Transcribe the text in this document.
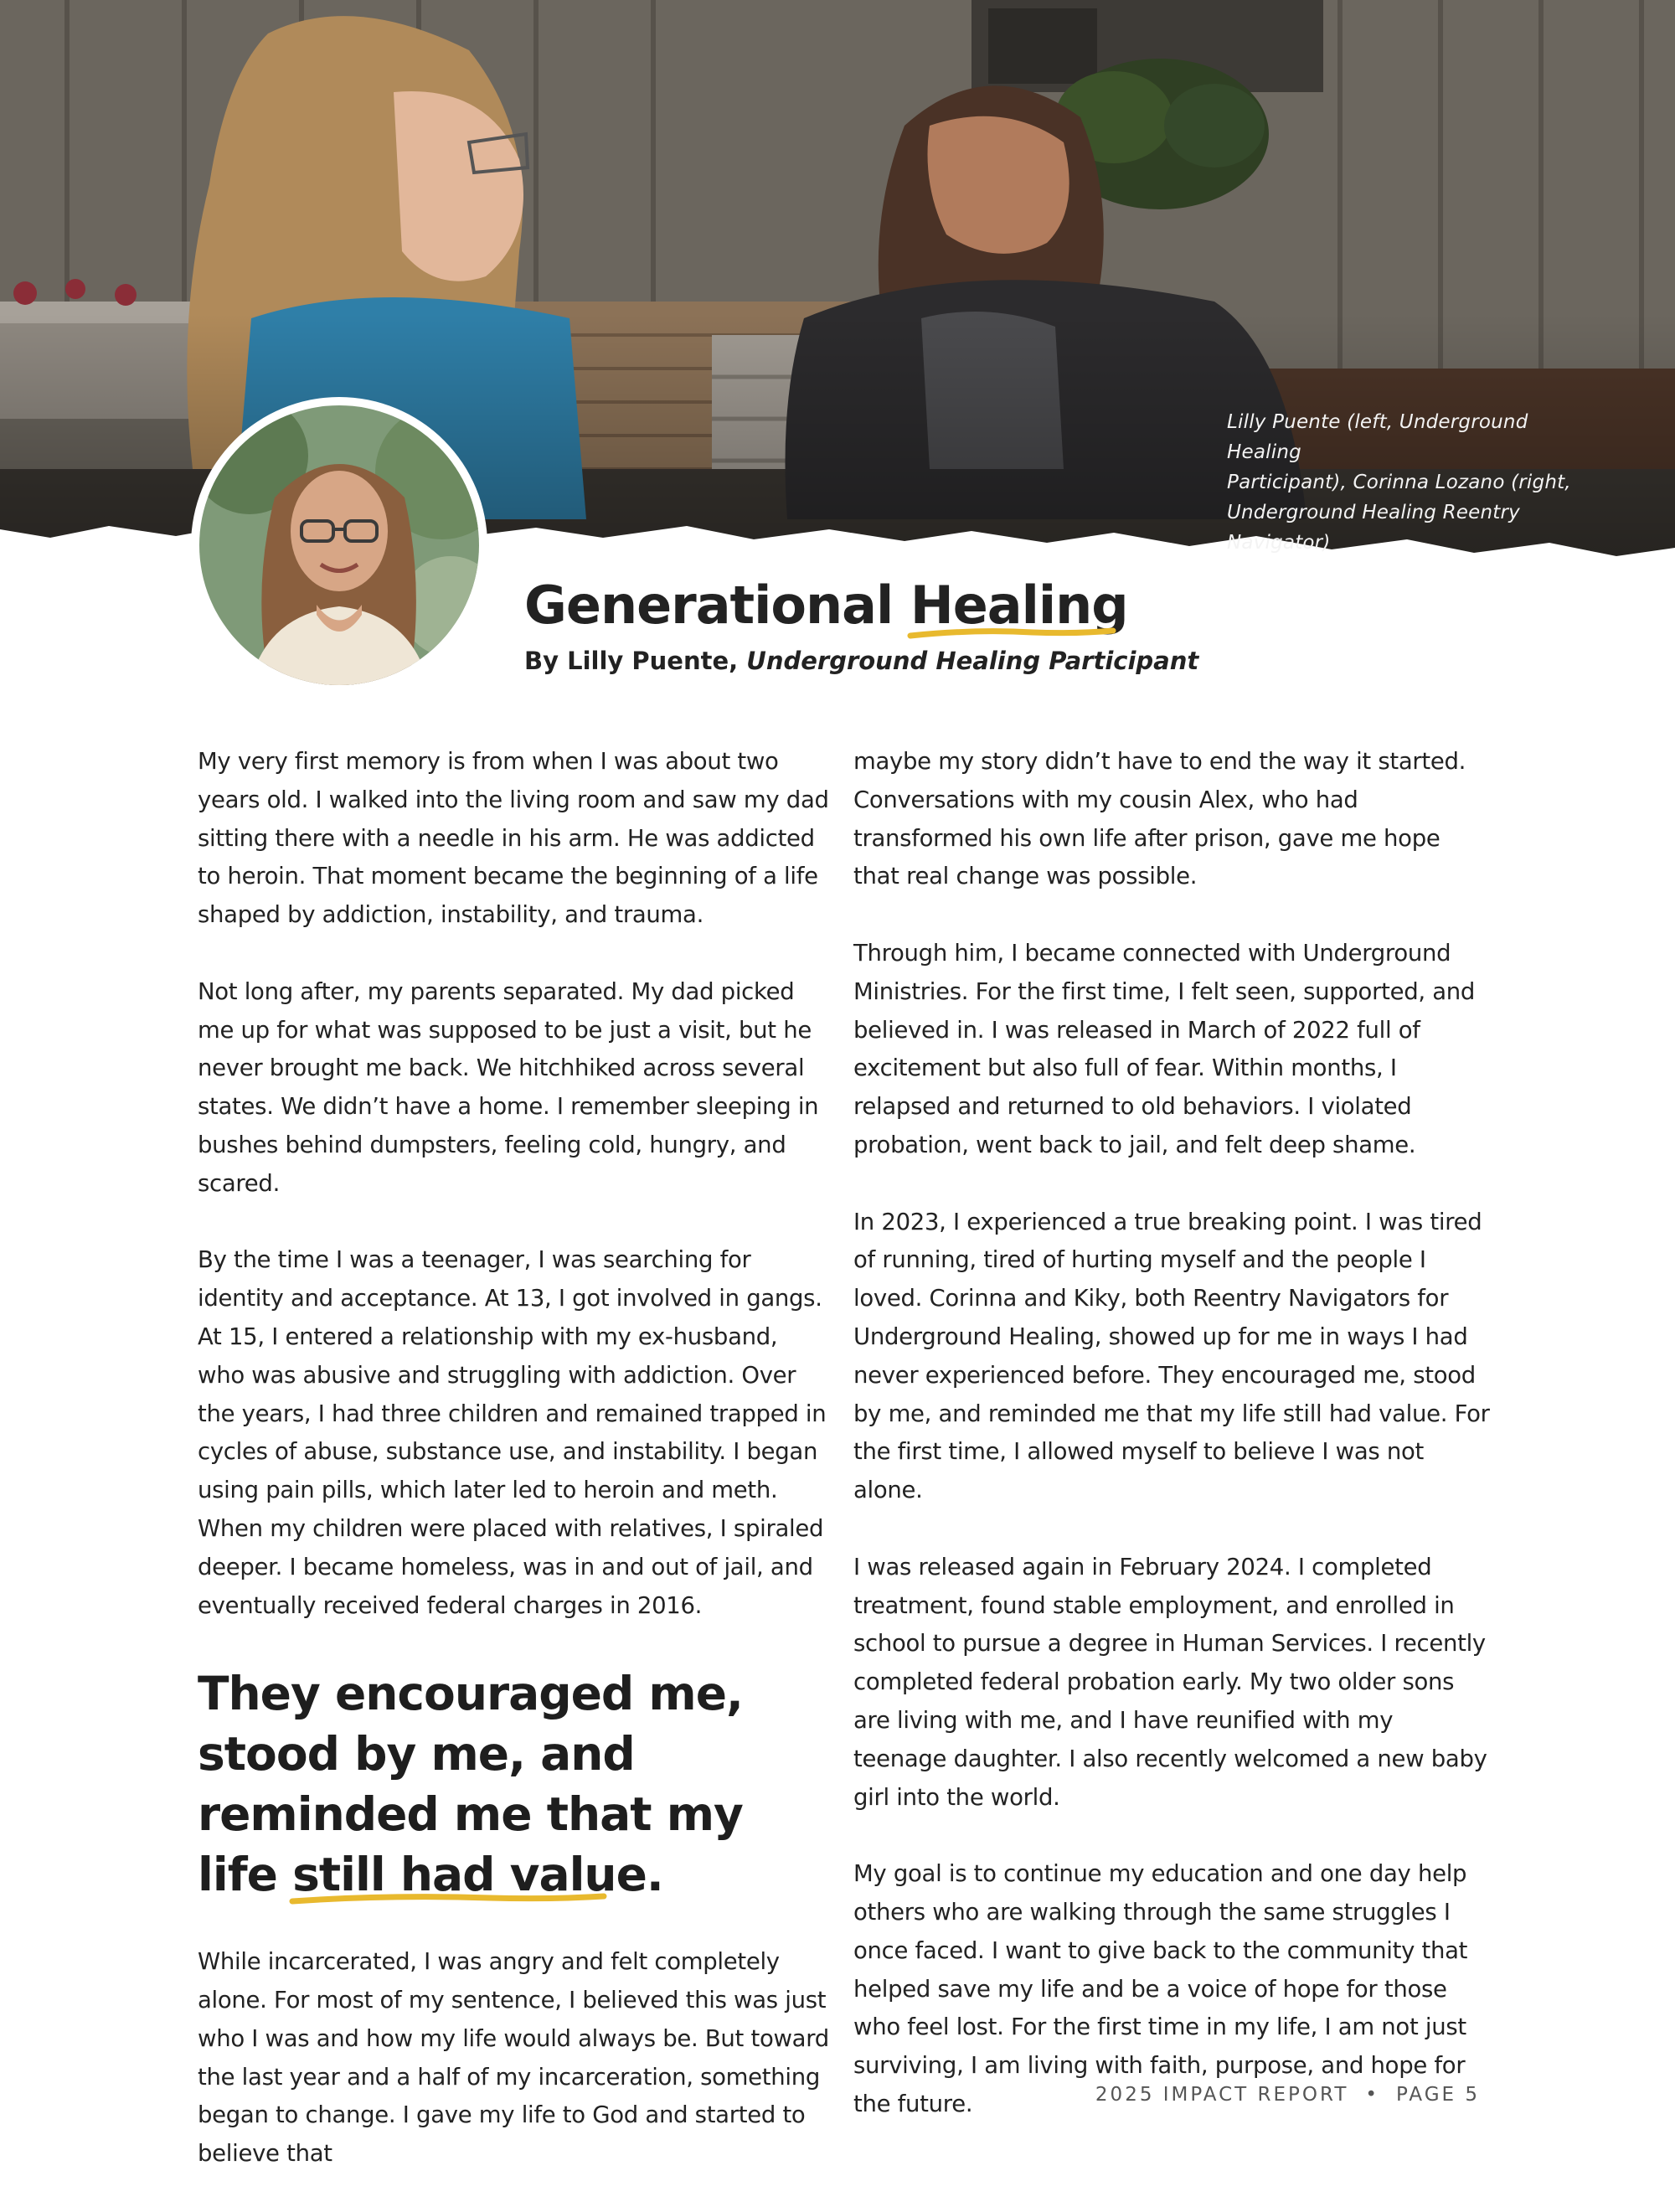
Lilly Puente (left, Underground Healing
Participant), Corinna Lozano (right,
Underground Healing Reentry Navigator)
Generational Healing

By Lilly Puente, Underground Healing Participant

My very first memory is from when I was about two years old. I walked into the living room and saw my dad sitting there with a needle in his arm. He was addicted to heroin. That moment became the beginning of a life shaped by addiction, instability, and trauma.

Not long after, my parents separated. My dad picked me up for what was supposed to be just a visit, but he never brought me back. We hitchhiked across several states. We didn’t have a home. I remember sleeping in bushes behind dumpsters, feeling cold, hungry, and scared.

By the time I was a teenager, I was searching for identity and acceptance. At 13, I got involved in gangs. At 15, I entered a relationship with my ex-husband, who was abusive and struggling with addiction. Over the years, I had three children and remained trapped in cycles of abuse, substance use, and instability. I began using pain pills, which later led to heroin and meth. When my children were placed with relatives, I spiraled deeper. I became homeless, was in and out of jail, and eventually received federal charges in 2016.

They encouraged me, stood by me, and reminded me that my life still had value.

While incarcerated, I was angry and felt completely alone. For most of my sentence, I believed this was just who I was and how my life would always be. But toward the last year and a half of my incarceration, something began to change. I gave my life to God and started to believe that

maybe my story didn’t have to end the way it started. Conversations with my cousin Alex, who had transformed his own life after prison, gave me hope that real change was possible.

Through him, I became connected with Underground Ministries. For the first time, I felt seen, supported, and believed in. I was released in March of 2022 full of excitement but also full of fear. Within months, I relapsed and returned to old behaviors. I violated probation, went back to jail, and felt deep shame.

In 2023, I experienced a true breaking point. I was tired of running, tired of hurting myself and the people I loved. Corinna and Kiky, both Reentry Navigators for Underground Healing, showed up for me in ways I had never experienced before. They encouraged me, stood by me, and reminded me that my life still had value. For the first time, I allowed myself to believe I was not alone.

I was released again in February 2024. I completed treatment, found stable employment, and enrolled in school to pursue a degree in Human Services. I recently completed federal probation early. My two older sons are living with me, and I have reunified with my teenage daughter. I also recently welcomed a new baby girl into the world.

My goal is to continue my education and one day help others who are walking through the same struggles I once faced. I want to give back to the community that helped save my life and be a voice of hope for those who feel lost. For the first time in my life, I am not just surviving, I am living with faith, purpose, and hope for the future.	2025 IMPACT REPORT • PAGE 5
